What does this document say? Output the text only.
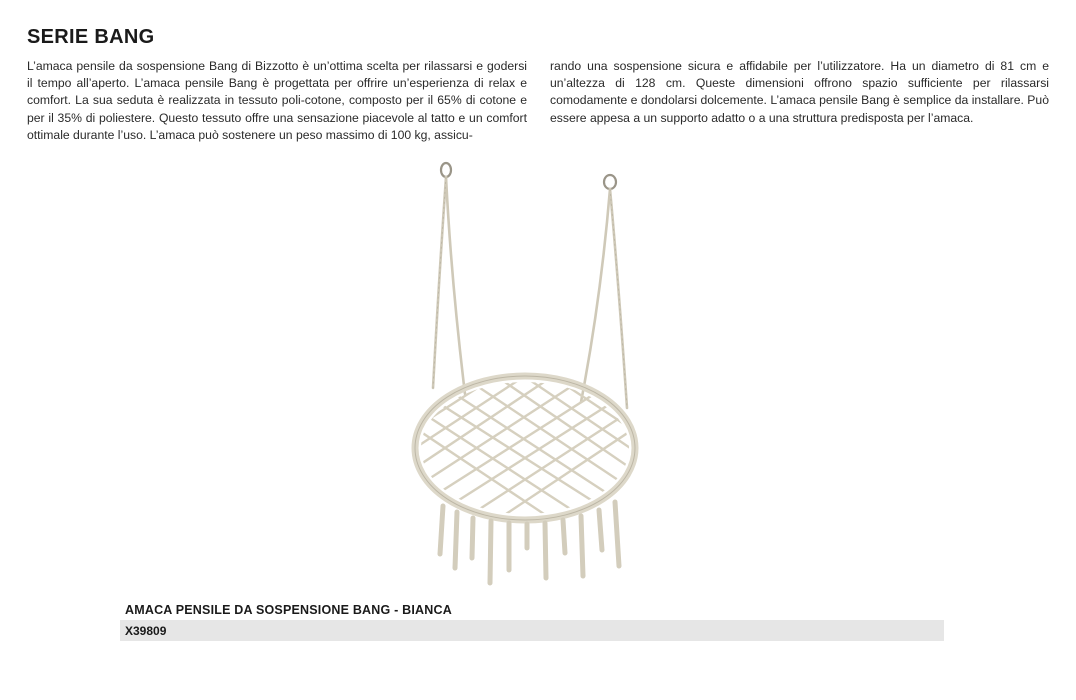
SERIE BANG

L’amaca pensile da sospensione Bang di Bizzotto è un’ottima scelta per rilassarsi e godersi il tempo all’aperto. L’amaca pensile Bang è progettata per offrire un’esperienza di relax e comfort. La sua seduta è realizzata in tessuto poli-cotone, composto per il 65% di cotone e per il 35% di poliestere. Questo tessuto offre una sensazione piacevole al tatto e un comfort ottimale durante l’uso. L’amaca può sostenere un peso massimo di 100 kg, assicu-

rando una sospensione sicura e affidabile per l’utilizzatore. Ha un diametro di 81 cm e un’altezza di 128 cm. Queste dimensioni offrono spazio sufficiente per rilassarsi comodamente e dondolarsi dolcemente. L’amaca pensile Bang è semplice da installare. Può essere appesa a un supporto adatto o a una struttura predisposta per l’amaca.

AMACA PENSILE DA SOSPENSIONE BANG - BIANCA
X39809
